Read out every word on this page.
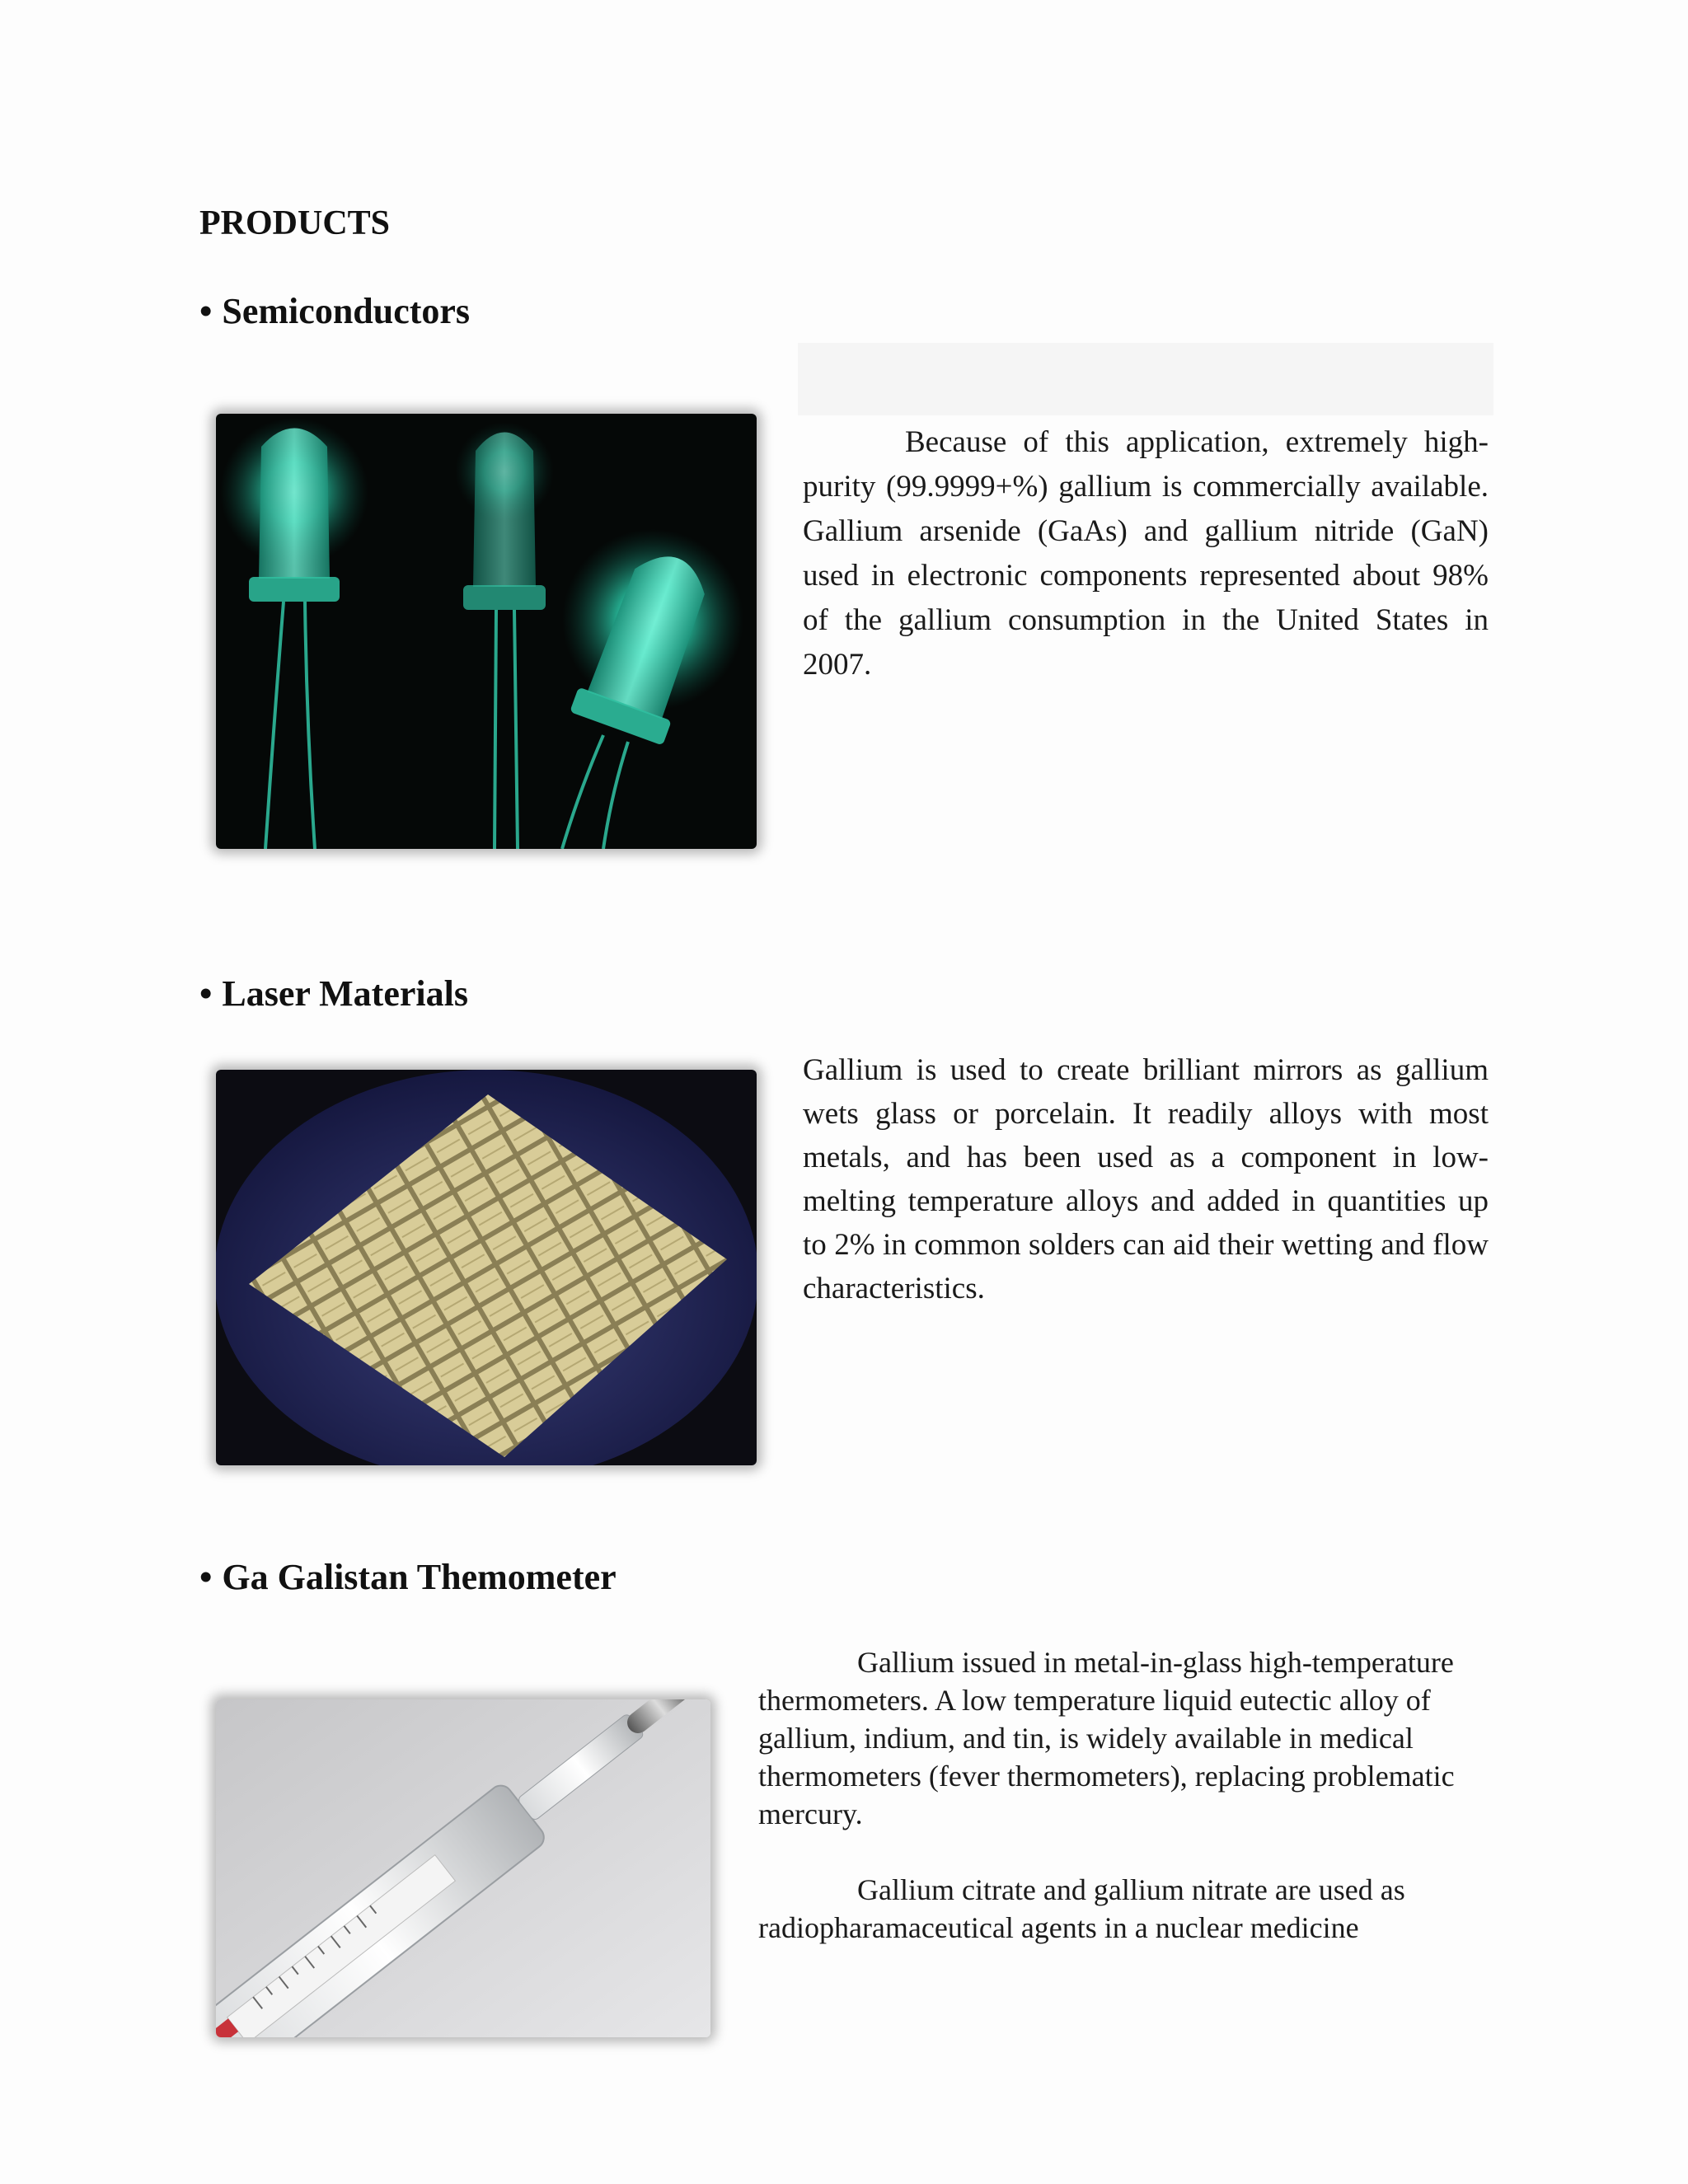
PRODUCTS
• Semiconductors
Because of this application, extremely high-purity (99.9999+%) gallium is commercially available. Gallium arsenide (GaAs) and gallium nitride (GaN) used in electronic components represented about 98% of the gallium consumption in the United States in 2007.
• Laser Materials
Gallium is used to create brilliant mirrors as gallium wets glass or porcelain. It readily alloys with most metals, and has been used as a component in low-melting temperature alloys and added in quantities up to 2% in common solders can aid their wetting and flow characteristics.
• Ga Galistan Themometer

Gallium issued in metal-in-glass high-temperature thermometers. A low temperature liquid eutectic alloy of gallium, indium, and tin, is widely available in medical thermometers (fever thermometers), replacing problematic mercury.

Gallium citrate and gallium nitrate are used as radiopharamaceutical agents in a nuclear medicine
